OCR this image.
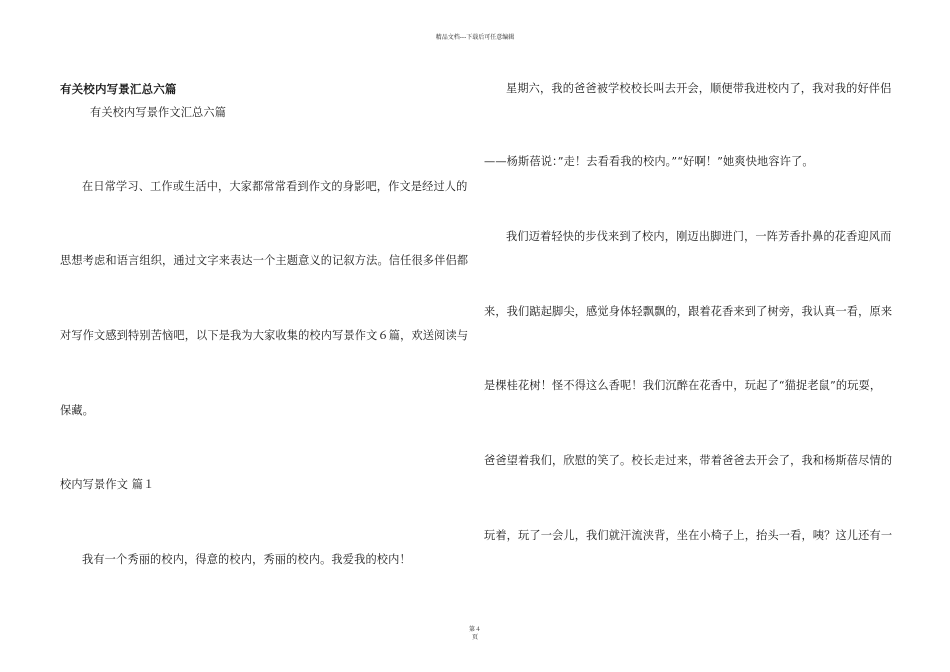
精品文档---下载后可任意编辑
有关校内写景汇总六篇
有关校内写景作文汇总六篇
在日常学习、工作或生活中，大家都常常看到作文的身影吧，作文是经过人的
思想考虑和语言组织，通过文字来表达一个主题意义的记叙方法。信任很多伴侣都
对写作文感到特别苦恼吧，以下是我为大家收集的校内写景作文６篇，欢送阅读与
保藏。
校内写景作文 篇１
我有一个秀丽的校内，得意的校内，秀丽的校内。我爱我的校内！
星期六，我的爸爸被学校校长叫去开会，顺便带我进校内了，我对我的好伴侣
——杨斯蓓说：”走！去看看我的校内。”“好啊！”她爽快地容许了。
我们迈着轻快的步伐来到了校内，刚迈出脚进门，一阵芳香扑鼻的花香迎风而
来，我们踮起脚尖，感觉身体轻飘飘的，跟着花香来到了树旁，我认真一看，原来
是棵桂花树！怪不得这么香呢！我们沉醉在花香中，玩起了“猫捉老鼠”的玩耍，
爸爸望着我们，欣慰的笑了。校长走过来，带着爸爸去开会了，我和杨斯蓓尽情的
玩着，玩了一会儿，我们就汗流浃背，坐在小椅子上，抬头一看，咦？这儿还有一
第４
页
